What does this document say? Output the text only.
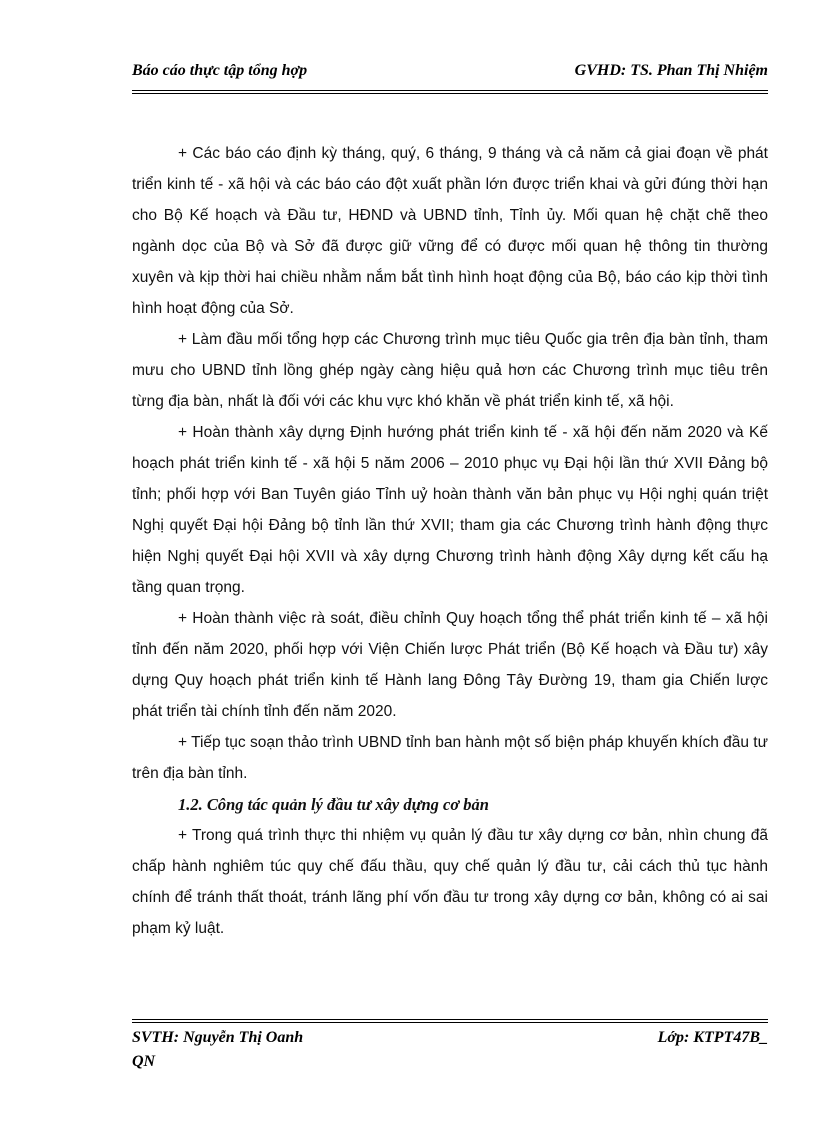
Báo cáo thực tập tổng hợp	GVHD: TS. Phan Thị Nhiệm

+ Các báo cáo định kỳ tháng, quý, 6 tháng, 9 tháng và cả năm cả giai đoạn về phát triển kinh tế - xã hội và các báo cáo đột xuất phần lớn được triển khai và gửi đúng thời hạn cho Bộ Kế hoạch và Đầu tư, HĐND và UBND tỉnh, Tỉnh ủy. Mối quan hệ chặt chẽ theo ngành dọc của Bộ và Sở đã được giữ vững để có được mối quan hệ thông tin thường xuyên và kịp thời hai chiều nhằm nắm bắt tình hình hoạt động của Bộ, báo cáo kịp thời tình hình hoạt động của Sở.

+ Làm đầu mối tổng hợp các Chương trình mục tiêu Quốc gia trên địa bàn tỉnh, tham mưu cho UBND tỉnh lồng ghép ngày càng hiệu quả hơn các Chương trình mục tiêu trên từng địa bàn, nhất là đối với các khu vực khó khăn về phát triển kinh tế, xã hội.

+ Hoàn thành xây dựng Định hướng phát triển kinh tế - xã hội đến năm 2020 và Kế hoạch phát triển kinh tế - xã hội 5 năm 2006 – 2010 phục vụ Đại hội lần thứ XVII Đảng bộ tỉnh; phối hợp với Ban Tuyên giáo Tỉnh uỷ hoàn thành văn bản phục vụ Hội nghị quán triệt Nghị quyết Đại hội Đảng bộ tỉnh lần thứ XVII; tham gia các Chương trình hành động thực hiện Nghị quyết Đại hội XVII và xây dựng Chương trình hành động Xây dựng kết cấu hạ tầng quan trọng.

+ Hoàn thành việc rà soát, điều chỉnh Quy hoạch tổng thể phát triển kinh tế – xã hội tỉnh đến năm 2020, phối hợp với Viện Chiến lược Phát triển (Bộ Kế hoạch và Đầu tư) xây dựng Quy hoạch phát triển kinh tế Hành lang Đông Tây Đường 19, tham gia Chiến lược phát triển tài chính tỉnh đến năm 2020.

+ Tiếp tục soạn thảo trình UBND tỉnh ban hành một số biện pháp khuyến khích đầu tư trên địa bàn tỉnh.

1.2. Công tác quản lý đầu tư xây dựng cơ bản

+ Trong quá trình thực thi nhiệm vụ quản lý đầu tư xây dựng cơ bản, nhìn chung đã chấp hành nghiêm túc quy chế đấu thầu, quy chế quản lý đầu tư, cải cách thủ tục hành chính để tránh thất thoát, tránh lãng phí vốn đầu tư trong xây dựng cơ bản, không có ai sai phạm kỷ luật.

SVTH: Nguyễn Thị Oanh	Lớp: KTPT47B_
QN
